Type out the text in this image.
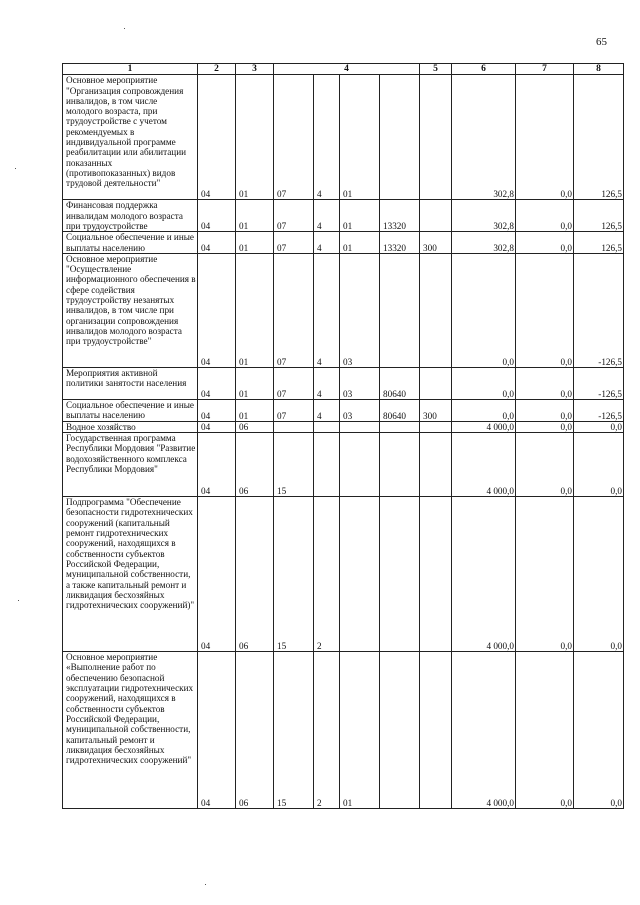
65
1	2	3	4				5	6	7	8
Основное мероприятие "Организация сопровождения инвалидов, в том числе молодого возраста, при трудоустройстве с учетом рекомендуемых в индивидуальной программе реабилитации или абилитации показанных (противопоказанных) видов трудовой деятельности"	04	01	07	4	01			302,8	0,0	126,5
Финансовая поддержка инвалидам молодого возраста при трудоустройстве	04	01	07	4	01	13320		302,8	0,0	126,5
Социальное обеспечение и иные выплаты населению	04	01	07	4	01	13320	300	302,8	0,0	126,5
Основное мероприятие "Осуществление информационного обеспечения в сфере содействия трудоустройству незанятых инвалидов, в том числе при организации сопровождения инвалидов молодого возраста при трудоустройстве"	04	01	07	4	03			0,0	0,0	-126,5
Мероприятия активной политики занятости населения	04	01	07	4	03	80640		0,0	0,0	-126,5
Социальное обеспечение и иные выплаты населению	04	01	07	4	03	80640	300	0,0	0,0	-126,5
Водное хозяйство	04	06						4 000,0	0,0	0,0
Государственная программа Республики Мордовия "Развитие водохозяйственного комплекса Республики Мордовия"	04	06	15					4 000,0	0,0	0,0
Подпрограмма "Обеспечение безопасности гидротехнических сооружений (капитальный ремонт гидротехнических сооружений, находящихся в собственности субъектов Российской Федерации, муниципальной собственности, а также капитальный ремонт и ликвидация бесхозяйных гидротехнических сооружений)"	04	06	15	2				4 000,0	0,0	0,0
Основное мероприятие «Выполнение работ по обеспечению безопасной эксплуатации гидротехнических сооружений, находящихся в собственности субъектов Российской Федерации, муниципальной собственности, капитальный ремонт и ликвидация бесхозяйных гидротехнических сооружений"	04	06	15	2	01			4 000,0	0,0	0,0
